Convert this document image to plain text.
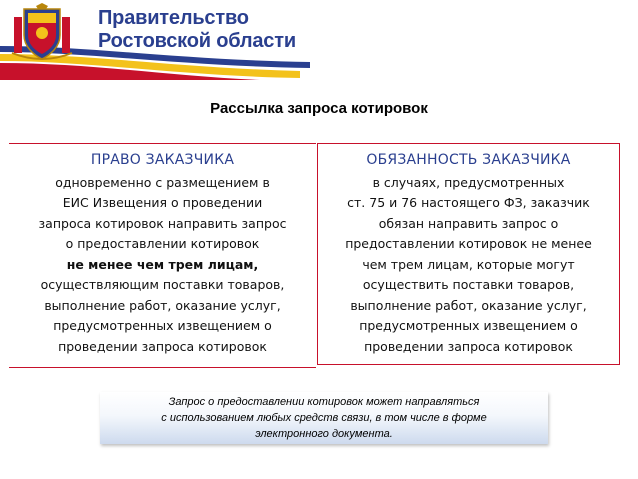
Правительство
Ростовской области
Рассылка запроса котировок
ПРАВО ЗАКАЗЧИКА
одновременно с размещением в
ЕИС Извещения о проведении
запроса котировок направить запрос
о предоставлении котировок
не менее чем трем лицам,
осуществляющим поставки товаров,
выполнение работ, оказание услуг,
предусмотренных извещением о
проведении запроса котировок
ОБЯЗАННОСТЬ ЗАКАЗЧИКА
в случаях, предусмотренных
ст. 75 и 76 настоящего ФЗ, заказчик
обязан направить запрос о
предоставлении котировок не менее
чем трем лицам, которые могут
осуществить поставки товаров,
выполнение работ, оказание услуг,
предусмотренных извещением о
проведении запроса котировок
Запрос о предоставлении котировок может направляться
с использованием любых средств связи, в том числе в форме
электронного документа.
